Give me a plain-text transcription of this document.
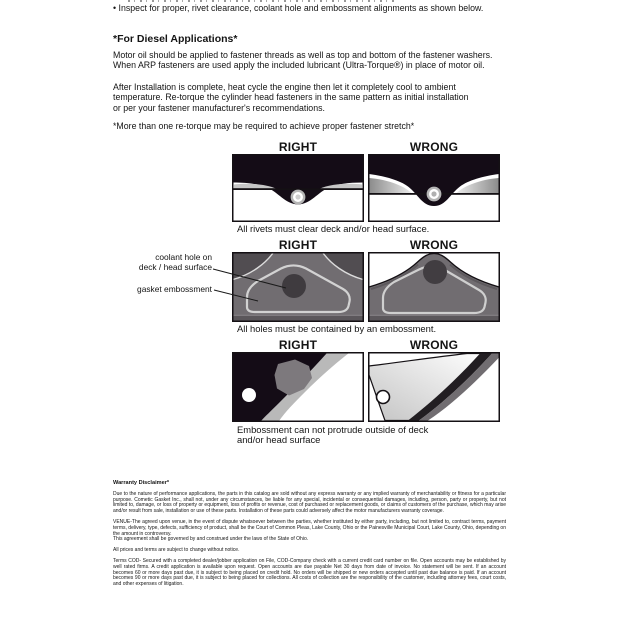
• Inspect for proper, rivet clearance, coolant hole and embossment alignments as shown below.
*For Diesel Applications*
Motor oil should be applied to fastener threads as well as top and bottom of the fastener washers.
When ARP fasteners are used apply the included lubricant (Ultra-Torque®) in place of motor oil.
After Installation is complete, heat cycle the engine then let it completely cool to ambient
temperature. Re-torque the cylinder head fasteners in the same pattern as initial installation
or per your fastener manufacturer's recommendations.
*More than one re-torque may be required to achieve proper fastener stretch*
RIGHT	WRONG
All rivets must clear deck and/or head surface.
RIGHT	WRONG
coolant hole on
deck / head surface
gasket embossment
All holes must be contained by an embossment.
RIGHT	WRONG
Embossment can not protrude outside of deck and/or head surface
Warranty Disclaimer*

Due to the nature of performance applications, the parts in this catalog are sold without any express warranty or any implied warranty of merchantability or fitness for a particular purpose. Cometic Gasket Inc., shall not, under any circumstances, be liable for any special, incidental or consequential damages, including, person, party or property, but not limited to, damage, or loss of property or equipment, loss of profits or revenue, cost of purchased or replacement goods, or claims of customers of the purchase, which may arise and/or result from sale, installation or use of these parts. Installation of these parts could adversely affect the motor manufacturers warranty coverage.

VENUE-The agreed upon venue, in the event of dispute whatsoever between the parties, whether instituted by either party, including, but not limited to, contract terms, payment terms, delivery, type, defects, sufficiency of product, shall be the Court of Common Pleas, Lake County, Ohio or the Painesville Municipal Court, Lake County, Ohio, depending on the amount in controversy.

This agreement shall be governed by and construed under the laws of the State of Ohio.

All prices and terms are subject to change without notice.

Terms COD- Secured with a completed dealer/jobber application on File, COD-Company check with a current credit card number on file. Open accounts may be established by well rated firms. A credit application is available upon request. Open accounts are due payable Net 30 days from date of invoice. No statement will be sent. If an account becomes 60 or more days past due, it is subject to being placed on credit hold. No orders will be shipped or new orders accepted until past due balance is paid. If an account becomes 90 or more days past due, it is subject to being placed for collections. All costs of collection are the responsibility of the customer, including attorney fees, court costs, and other expenses of litigation.
